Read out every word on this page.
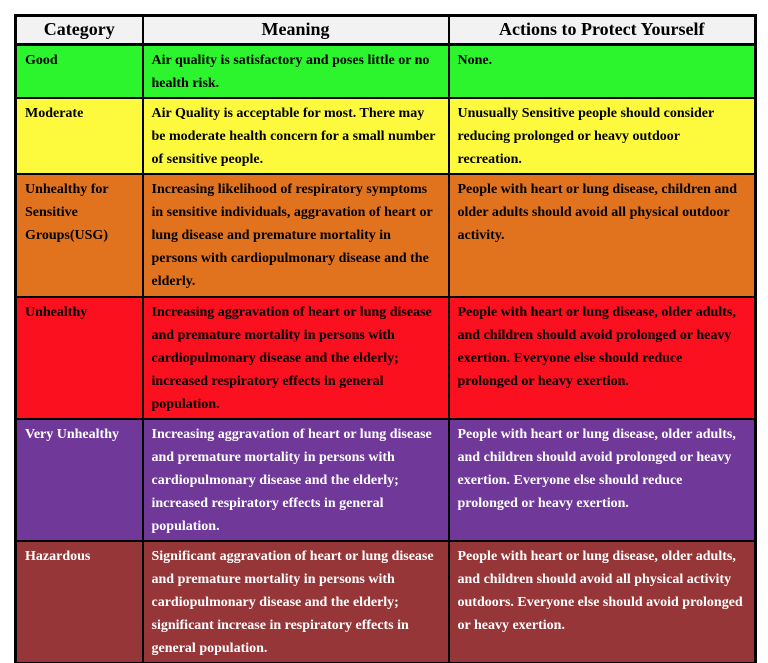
Category	Meaning	Actions to Protect Yourself
Good	Air quality is satisfactory and poses little or no health risk.	None.
Moderate	Air Quality is acceptable for most. There may be moderate health concern for a small number of sensitive people.	Unusually Sensitive people should consider reducing prolonged or heavy outdoor recreation.
Unhealthy for Sensitive Groups(USG)	Increasing likelihood of respiratory symptoms in sensitive individuals, aggravation of heart or lung disease and premature mortality in persons with cardiopulmonary disease and the elderly.	People with heart or lung disease, children and older adults should avoid all physical outdoor activity.
Unhealthy	Increasing aggravation of heart or lung disease and premature mortality in persons with cardiopulmonary disease and the elderly; increased respiratory effects in general population.	People with heart or lung disease, older adults, and children should avoid prolonged or heavy exertion. Everyone else should reduce prolonged or heavy exertion.
Very Unhealthy	Increasing aggravation of heart or lung disease and premature mortality in persons with cardiopulmonary disease and the elderly; increased respiratory effects in general population.	People with heart or lung disease, older adults, and children should avoid prolonged or heavy exertion. Everyone else should reduce prolonged or heavy exertion.
Hazardous	Significant aggravation of heart or lung disease and premature mortality in persons with cardiopulmonary disease and the elderly; significant increase in respiratory effects in general population.	People with heart or lung disease, older adults, and children should avoid all physical activity outdoors. Everyone else should avoid prolonged or heavy exertion.
